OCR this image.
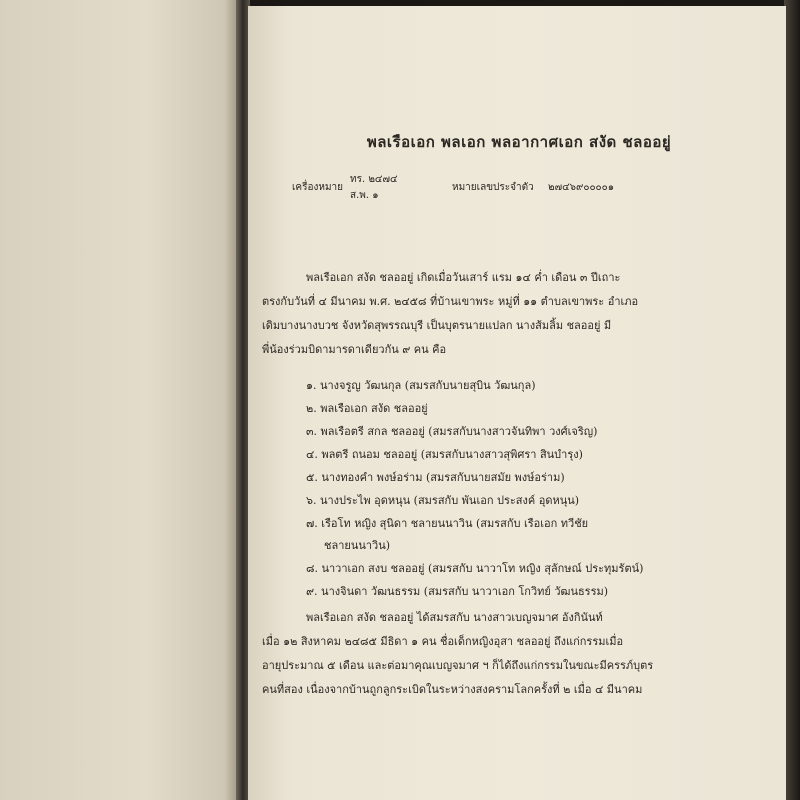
พลเรือเอก พลเอก พลอากาศเอก สงัด ชลออยู่
เครื่องหมาย
ทร. ๒๔๗๔
ส.พ. ๑
หมายเลขประจำตัว ๒๗๔๖๙๐๐๐๐๑
พลเรือเอก สงัด ชลออยู่ เกิดเมื่อวันเสาร์ แรม ๑๔ ค่ำ เดือน ๓ ปีเถาะ
ตรงกับวันที่ ๔ มีนาคม พ.ศ. ๒๔๕๘ ที่บ้านเขาพระ หมู่ที่ ๑๑ ตำบลเขาพระ อำเภอ
เดิมบางนางบวช จังหวัดสุพรรณบุรี เป็นบุตรนายแปลก นางส้มลิ้ม ชลออยู่ มี
พี่น้องร่วมบิดามารดาเดียวกัน ๙ คน คือ
๑. นางจรูญ วัฒนกุล (สมรสกับนายสุบิน วัฒนกุล)
๒. พลเรือเอก สงัด ชลออยู่
๓. พลเรือตรี สกล ชลออยู่ (สมรสกับนางสาวจันทิพา วงศ์เจริญ)
๔. พลตรี ถนอม ชลออยู่ (สมรสกับนางสาวสุพิศรา สินบำรุง)
๕. นางทองคำ พงษ์อร่าม (สมรสกับนายสมัย พงษ์อร่าม)
๖. นางประไพ อุดหนุน (สมรสกับ พันเอก ประสงค์ อุดหนุน)
๗. เรือโท หญิง สุนิดา ชลายนนาวิน (สมรสกับ เรือเอก ทวีชัย
ชลายนนาวิน)
๘. นาวาเอก สงบ ชลออยู่ (สมรสกับ นาวาโท หญิง สุลักษณ์ ประทุมรัตน์)
๙. นางจินดา วัฒนธรรม (สมรสกับ นาวาเอก โกวิทย์ วัฒนธรรม)
พลเรือเอก สงัด ชลออยู่ ได้สมรสกับ นางสาวเบญจมาศ อังกินันท์
เมื่อ ๑๒ สิงหาคม ๒๔๘๕ มีธิดา ๑ คน ชื่อเด็กหญิงอุสา ชลออยู่ ถึงแก่กรรมเมื่อ
อายุประมาณ ๕ เดือน และต่อมาคุณเบญจมาศ ฯ ก็ได้ถึงแก่กรรมในขณะมีครรภ์บุตร
คนที่สอง เนื่องจากบ้านถูกลูกระเบิดในระหว่างสงครามโลกครั้งที่ ๒ เมื่อ ๔ มีนาคม
